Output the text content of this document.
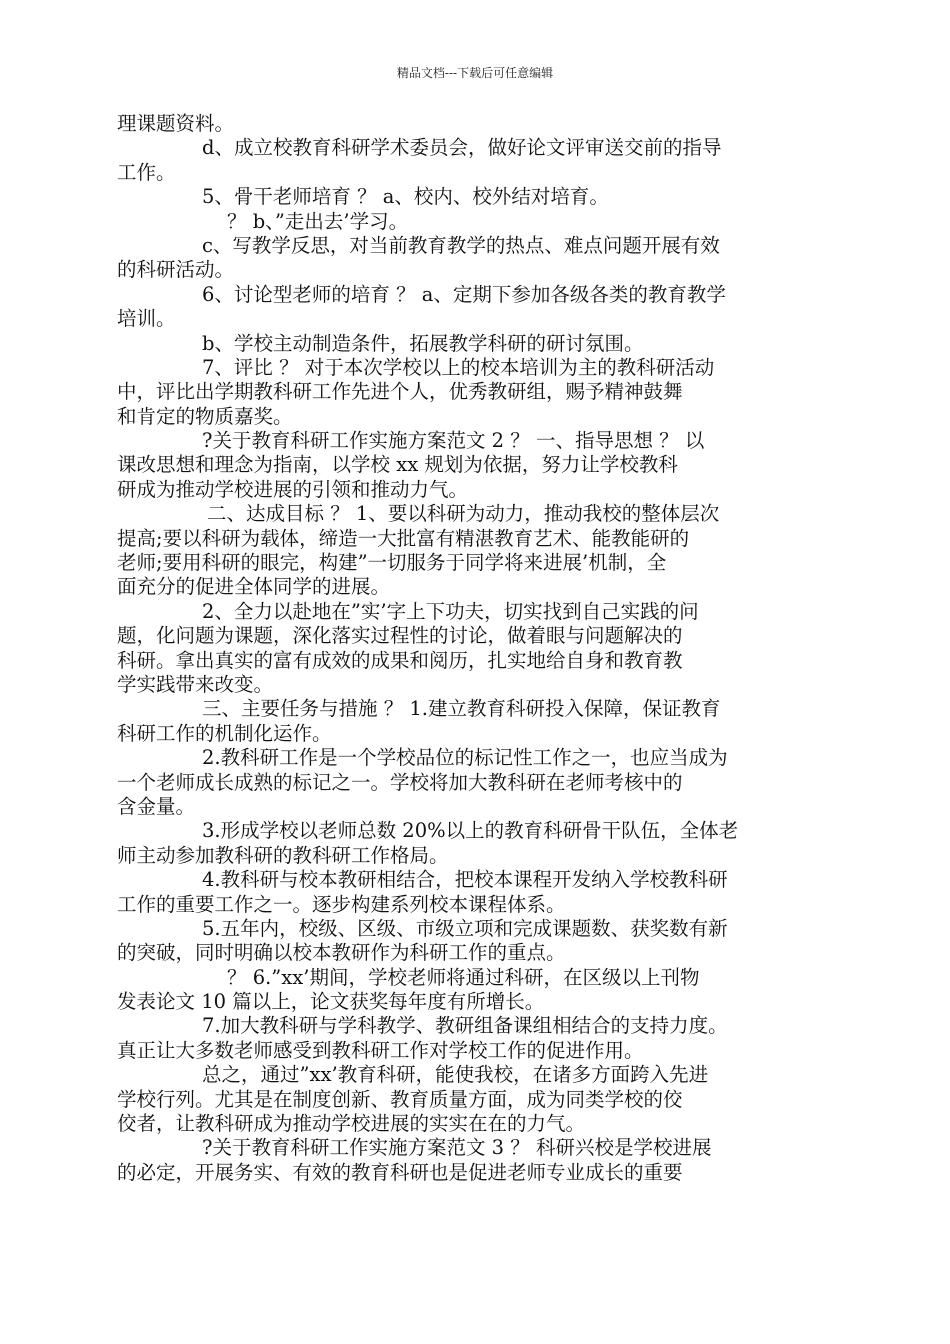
精品文档---下载后可任意编辑
理课题资料。
d、成立校教育科研学术委员会，做好论文评审送交前的指导
工作。
5、骨干老师培育 ？ a、校内、校外结对培育。
？ b、”走出去’学习。
c、写教学反思，对当前教育教学的热点、难点问题开展有效
的科研活动。
6、讨论型老师的培育 ？ a、定期下参加各级各类的教育教学
培训。
b、学校主动制造条件，拓展教学科研的研讨氛围。
7、评比 ？ 对于本次学校以上的校本培训为主的教科研活动
中，评比出学期教科研工作先进个人，优秀教研组，赐予精神鼓舞
和肯定的物质嘉奖。
?关于教育科研工作实施方案范文 2 ？ 一、指导思想 ？ 以
课改思想和理念为指南，以学校 xx 规划为依据，努力让学校教科
研成为推动学校进展的引领和推动力气。
二、达成目标 ？ 1、要以科研为动力，推动我校的整体层次
提高;要以科研为载体，缔造一大批富有精湛教育艺术、能教能研的
老师;要用科研的眼完，构建”一切服务于同学将来进展’机制，全
面充分的促进全体同学的进展。
2、全力以赴地在”实’字上下功夫，切实找到自己实践的问
题，化问题为课题，深化落实过程性的讨论，做着眼与问题解决的
科研。拿出真实的富有成效的成果和阅历，扎实地给自身和教育教
学实践带来改变。
三、主要任务与措施 ？ 1.建立教育科研投入保障，保证教育
科研工作的机制化运作。
2.教科研工作是一个学校品位的标记性工作之一，也应当成为
一个老师成长成熟的标记之一。学校将加大教科研在老师考核中的
含金量。
3.形成学校以老师总数 20%以上的教育科研骨干队伍，全体老
师主动参加教科研的教科研工作格局。
4.教科研与校本教研相结合，把校本课程开发纳入学校教科研
工作的重要工作之一。逐步构建系列校本课程体系。
5.五年内，校级、区级、市级立项和完成课题数、获奖数有新
的突破，同时明确以校本教研作为科研工作的重点。
？ 6.”xx’期间，学校老师将通过科研，在区级以上刊物
发表论文 10 篇以上，论文获奖每年度有所增长。
7.加大教科研与学科教学、教研组备课组相结合的支持力度。
真正让大多数老师感受到教科研工作对学校工作的促进作用。
总之，通过”xx’教育科研，能使我校，在诸多方面跨入先进
学校行列。尤其是在制度创新、教育质量方面，成为同类学校的佼
佼者，让教科研成为推动学校进展的实实在在的力气。
?关于教育科研工作实施方案范文 3 ？ 科研兴校是学校进展
的必定，开展务实、有效的教育科研也是促进老师专业成长的重要
